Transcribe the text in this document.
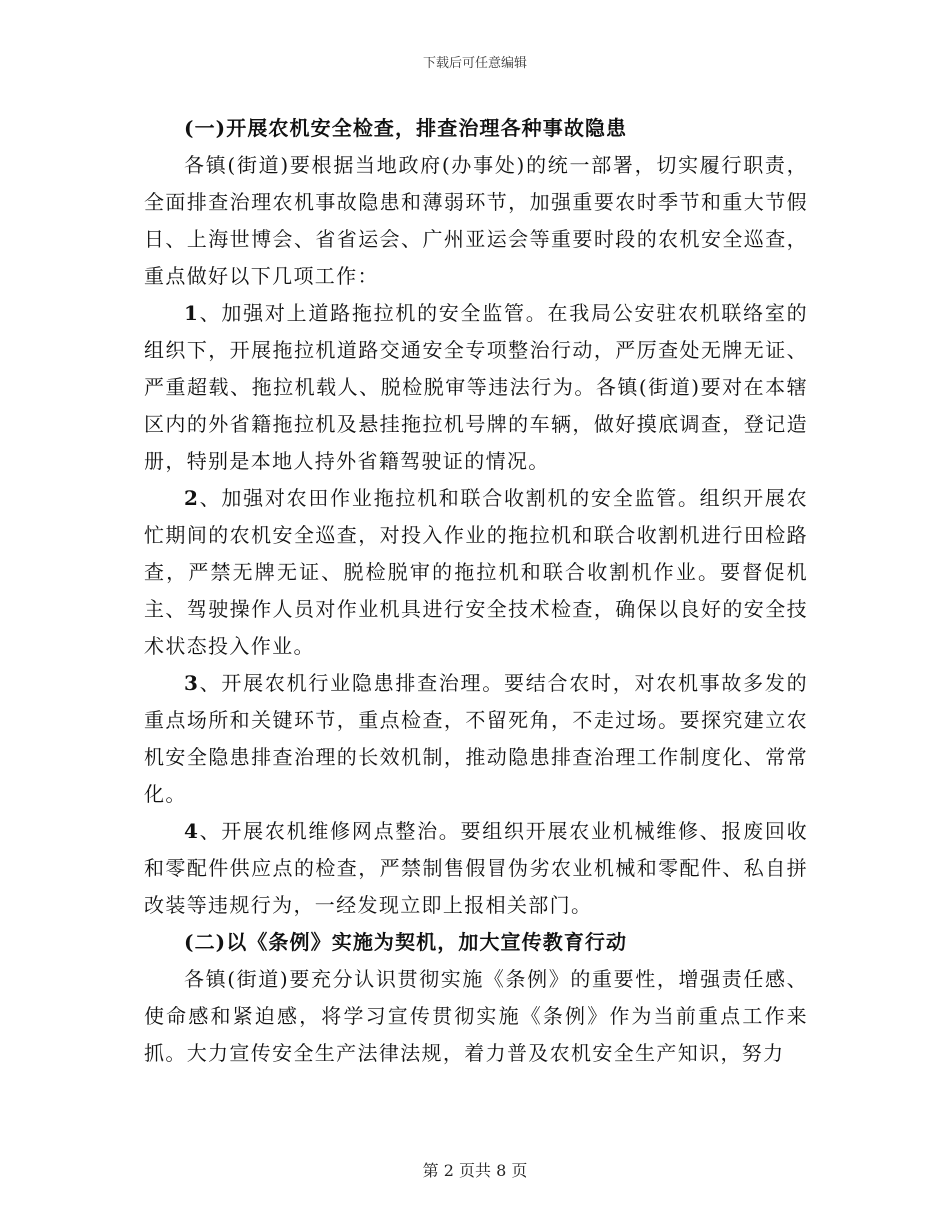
下载后可任意编辑

(一)开展农机安全检查，排查治理各种事故隐患

各镇(街道)要根据当地政府(办事处)的统一部署，切实履行职责，全面排查治理农机事故隐患和薄弱环节，加强重要农时季节和重大节假日、上海世博会、省省运会、广州亚运会等重要时段的农机安全巡查，重点做好以下几项工作：

1、加强对上道路拖拉机的安全监管。在我局公安驻农机联络室的组织下，开展拖拉机道路交通安全专项整治行动，严厉查处无牌无证、严重超载、拖拉机载人、脱检脱审等违法行为。各镇(街道)要对在本辖区内的外省籍拖拉机及悬挂拖拉机号牌的车辆，做好摸底调查，登记造册，特别是本地人持外省籍驾驶证的情况。

2、加强对农田作业拖拉机和联合收割机的安全监管。组织开展农忙期间的农机安全巡查，对投入作业的拖拉机和联合收割机进行田检路查，严禁无牌无证、脱检脱审的拖拉机和联合收割机作业。要督促机主、驾驶操作人员对作业机具进行安全技术检查，确保以良好的安全技术状态投入作业。

3、开展农机行业隐患排查治理。要结合农时，对农机事故多发的重点场所和关键环节，重点检查，不留死角，不走过场。要探究建立农机安全隐患排查治理的长效机制，推动隐患排查治理工作制度化、常常化。

4、开展农机维修网点整治。要组织开展农业机械维修、报废回收和零配件供应点的检查，严禁制售假冒伪劣农业机械和零配件、私自拼改装等违规行为，一经发现立即上报相关部门。

(二)以《条例》实施为契机，加大宣传教育行动

各镇(街道)要充分认识贯彻实施《条例》的重要性，增强责任感、使命感和紧迫感，将学习宣传贯彻实施《条例》作为当前重点工作来抓。大力宣传安全生产法律法规，着力普及农机安全生产知识，努力

第 2 页共 8 页
